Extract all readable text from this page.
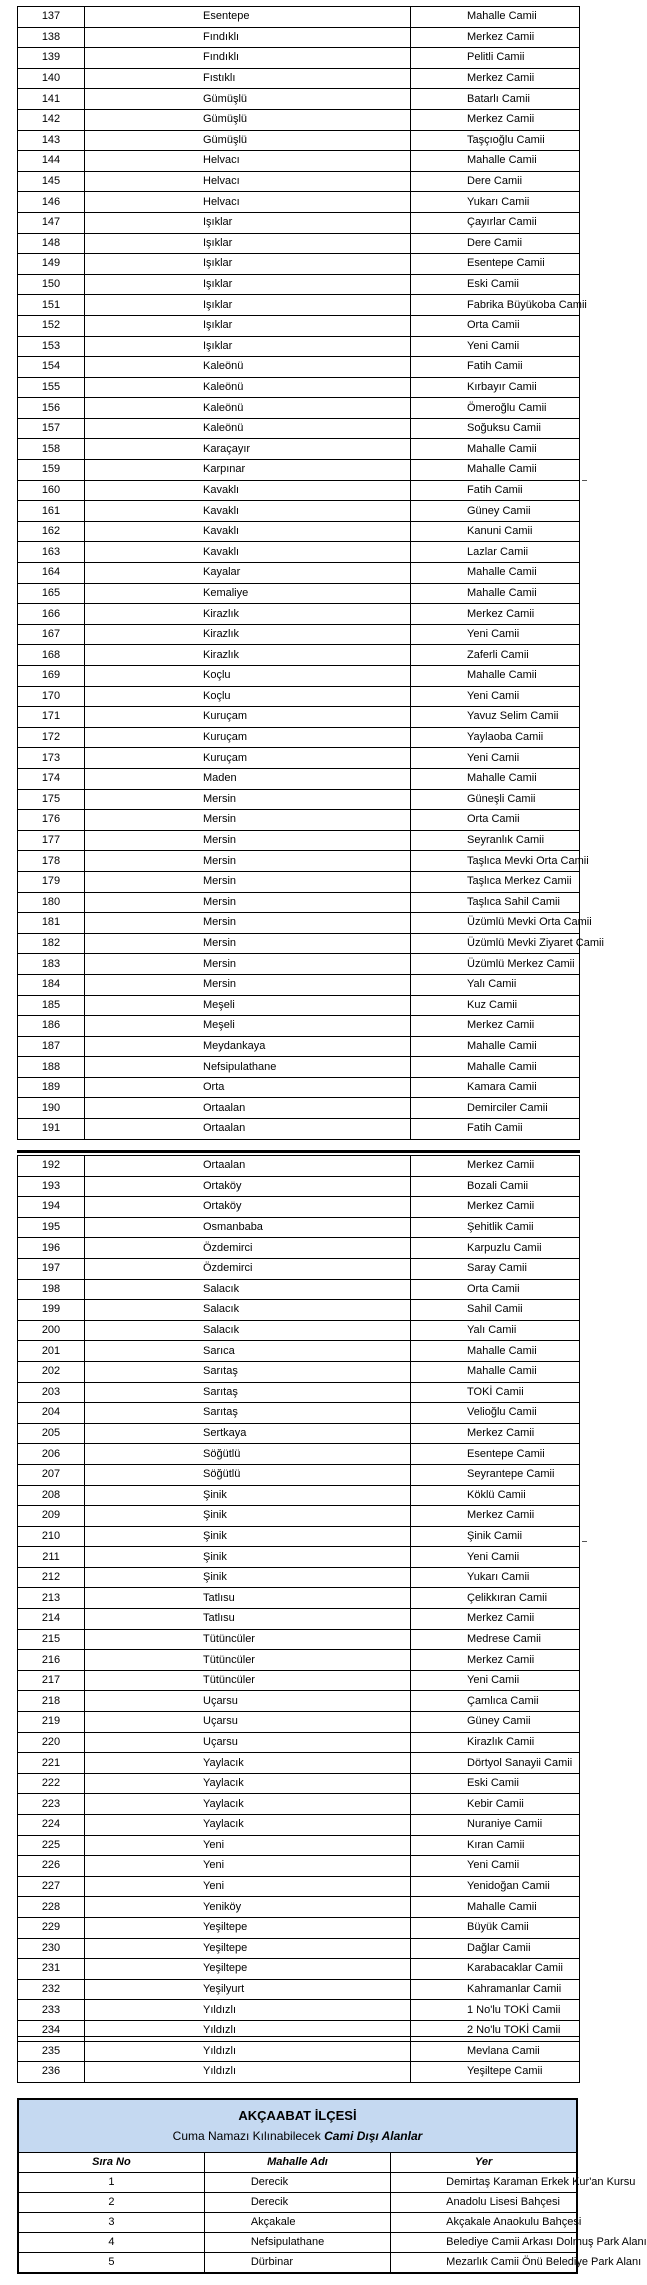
137	Esentepe	Mahalle Camii
138	Fındıklı	Merkez Camii
139	Fındıklı	Pelitli Camii
140	Fıstıklı	Merkez Camii
141	Gümüşlü	Batarlı Camii
142	Gümüşlü	Merkez Camii
143	Gümüşlü	Taşçıoğlu Camii
144	Helvacı	Mahalle Camii
145	Helvacı	Dere Camii
146	Helvacı	Yukarı Camii
147	Işıklar	Çayırlar Camii
148	Işıklar	Dere Camii
149	Işıklar	Esentepe Camii
150	Işıklar	Eski Camii
151	Işıklar	Fabrika Büyükoba Camii
152	Işıklar	Orta Camii
153	Işıklar	Yeni Camii
154	Kaleönü	Fatih Camii
155	Kaleönü	Kırbayır Camii
156	Kaleönü	Ömeroğlu Camii
157	Kaleönü	Soğuksu Camii
158	Karaçayır	Mahalle Camii
159	Karpınar	Mahalle Camii
160	Kavaklı	Fatih Camii
161	Kavaklı	Güney Camii
162	Kavaklı	Kanuni Camii
163	Kavaklı	Lazlar Camii
164	Kayalar	Mahalle Camii
165	Kemaliye	Mahalle Camii
166	Kirazlık	Merkez Camii
167	Kirazlık	Yeni Camii
168	Kirazlık	Zaferli Camii
169	Koçlu	Mahalle Camii
170	Koçlu	Yeni Camii
171	Kuruçam	Yavuz Selim Camii
172	Kuruçam	Yaylaoba Camii
173	Kuruçam	Yeni Camii
174	Maden	Mahalle Camii
175	Mersin	Güneşli Camii
176	Mersin	Orta Camii
177	Mersin	Seyranlık Camii
178	Mersin	Taşlıca Mevki Orta Camii
179	Mersin	Taşlıca Merkez Camii
180	Mersin	Taşlıca Sahil Camii
181	Mersin	Üzümlü Mevki Orta Camii
182	Mersin	Üzümlü Mevki Ziyaret Camii
183	Mersin	Üzümlü Merkez Camii
184	Mersin	Yalı Camii
185	Meşeli	Kuz Camii
186	Meşeli	Merkez Camii
187	Meydankaya	Mahalle Camii
188	Nefsipulathane	Mahalle Camii
189	Orta	Kamara Camii
190	Ortaalan	Demirciler Camii
191	Ortaalan	Fatih Camii
192	Ortaalan	Merkez Camii
193	Ortaköy	Bozali Camii
194	Ortaköy	Merkez Camii
195	Osmanbaba	Şehitlik Camii
196	Özdemirci	Karpuzlu Camii
197	Özdemirci	Saray Camii
198	Salacık	Orta Camii
199	Salacık	Sahil Camii
200	Salacık	Yalı Camii
201	Sarıca	Mahalle Camii
202	Sarıtaş	Mahalle Camii
203	Sarıtaş	TOKİ Camii
204	Sarıtaş	Velioğlu Camii
205	Sertkaya	Merkez Camii
206	Söğütlü	Esentepe Camii
207	Söğütlü	Seyrantepe Camii
208	Şinik	Köklü Camii
209	Şinik	Merkez Camii
210	Şinik	Şinik Camii
211	Şinik	Yeni Camii
212	Şinik	Yukarı Camii
213	Tatlısu	Çelikkıran Camii
214	Tatlısu	Merkez Camii
215	Tütüncüler	Medrese Camii
216	Tütüncüler	Merkez Camii
217	Tütüncüler	Yeni Camii
218	Uçarsu	Çamlıca Camii
219	Uçarsu	Güney Camii
220	Uçarsu	Kirazlık Camii
221	Yaylacık	Dörtyol Sanayii Camii
222	Yaylacık	Eski Camii
223	Yaylacık	Kebir Camii
224	Yaylacık	Nuraniye Camii
225	Yeni	Kıran Camii
226	Yeni	Yeni Camii
227	Yeni	Yenidoğan Camii
228	Yeniköy	Mahalle Camii
229	Yeşiltepe	Büyük Camii
230	Yeşiltepe	Dağlar Camii
231	Yeşiltepe	Karabacaklar Camii
232	Yeşilyurt	Kahramanlar Camii
233	Yıldızlı	1 No'lu TOKİ Camii
234	Yıldızlı	2 No'lu TOKİ Camii
235	Yıldızlı	Mevlana Camii
236	Yıldızlı	Yeşiltepe Camii
AKÇAABAT İLÇESİ
Cuma Namazı Kılınabilecek Cami Dışı Alanlar		

Sıra No	Mahalle Adı	Yer
1	Derecik	Demirtaş Karaman Erkek Kur'an Kursu
2	Derecik	Anadolu Lisesi Bahçesi
3	Akçakale	Akçakale Anaokulu Bahçesi
4	Nefsipulathane	Belediye Camii Arkası Dolmuş Park Alanı
5	Dürbinar	Mezarlık Camii Önü Belediye Park Alanı
